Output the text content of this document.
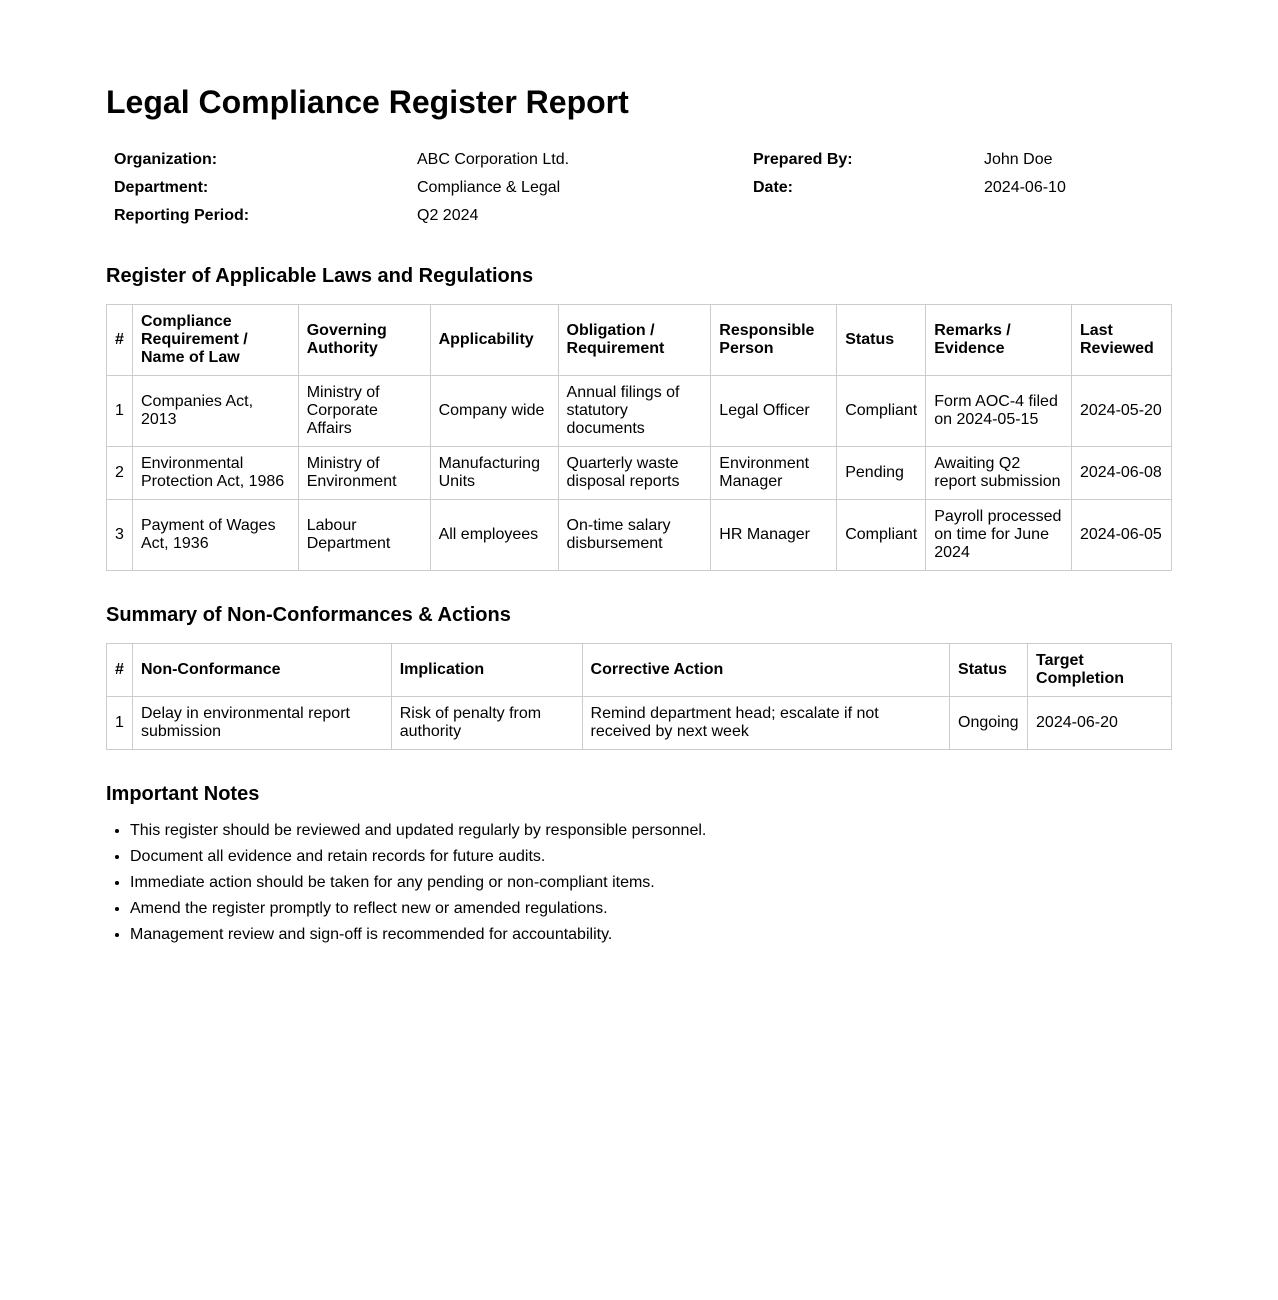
Legal Compliance Register Report
Organization:	ABC Corporation Ltd.	Prepared By:	John Doe
Department:	Compliance & Legal	Date:	2024-06-10
Reporting Period:	Q2 2024		
Register of Applicable Laws and Regulations
#	Compliance Requirement / Name of Law	Governing Authority	Applicability	Obligation / Requirement	Responsible Person	Status	Remarks / Evidence	Last Reviewed
1	Companies Act, 2013	Ministry of Corporate Affairs	Company wide	Annual filings of statutory documents	Legal Officer	Compliant	Form AOC-4 filed on 2024-05-15	2024-05-20
2	Environmental Protection Act, 1986	Ministry of Environment	Manufacturing Units	Quarterly waste disposal reports	Environment Manager	Pending	Awaiting Q2 report submission	2024-06-08
3	Payment of Wages Act, 1936	Labour Department	All employees	On-time salary disbursement	HR Manager	Compliant	Payroll processed on time for June 2024	2024-06-05
Summary of Non-Conformances & Actions
#	Non-Conformance	Implication	Corrective Action	Status	Target Completion
1	Delay in environmental report submission	Risk of penalty from authority	Remind department head; escalate if not received by next week	Ongoing	2024-06-20
Important Notes
• This register should be reviewed and updated regularly by responsible personnel.
• Document all evidence and retain records for future audits.
• Immediate action should be taken for any pending or non-compliant items.
• Amend the register promptly to reflect new or amended regulations.
• Management review and sign-off is recommended for accountability.
